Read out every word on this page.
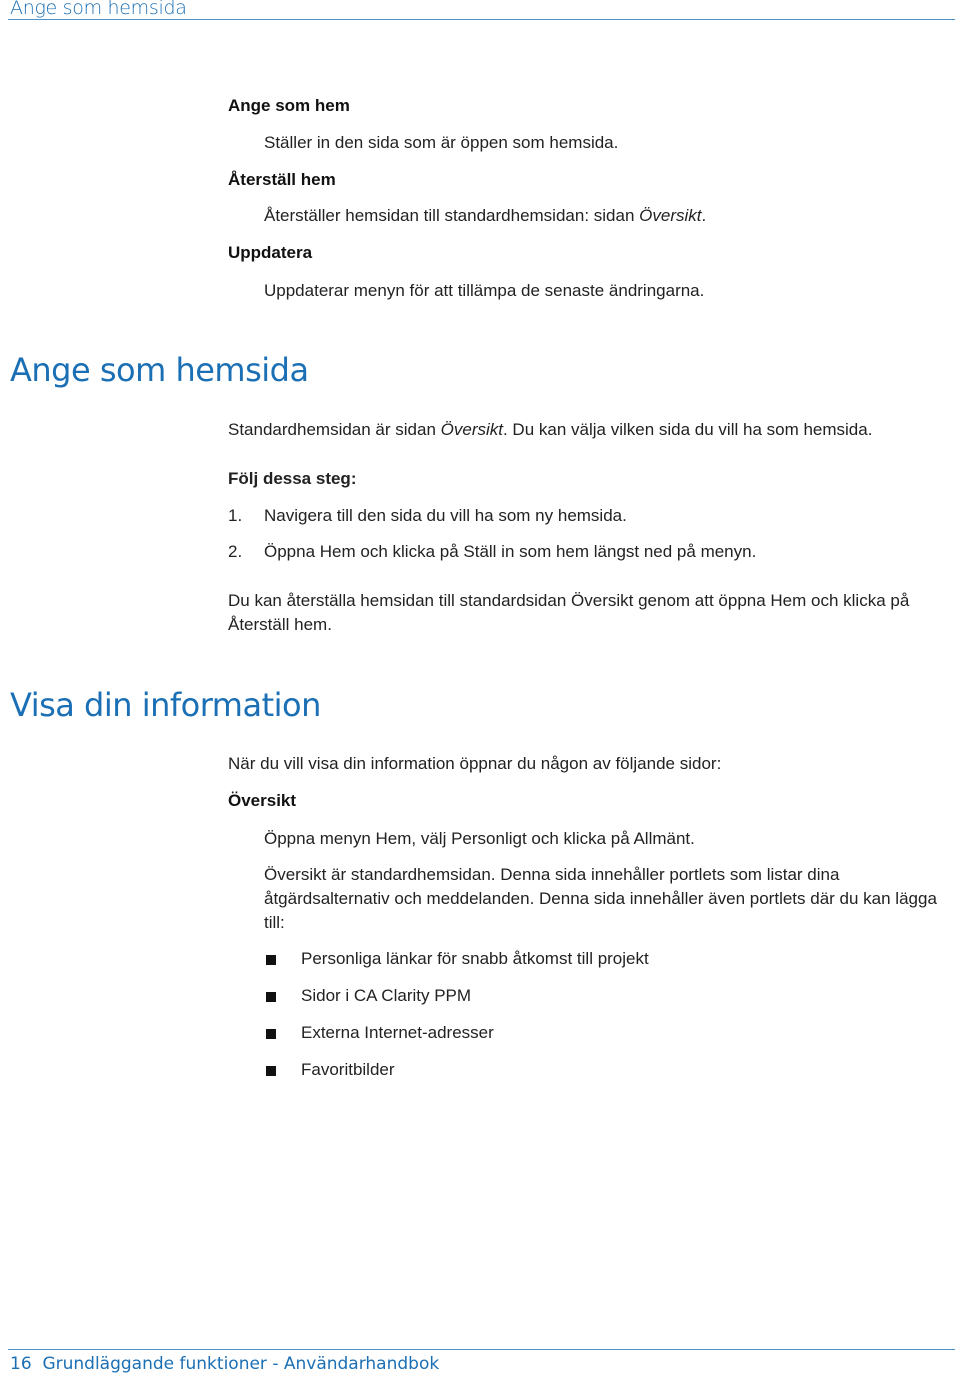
Ange som hemsida
Ange som hem
Ställer in den sida som är öppen som hemsida.
Återställ hem
Återställer hemsidan till standardhemsidan: sidan Översikt.
Uppdatera
Uppdaterar menyn för att tillämpa de senaste ändringarna.
Ange som hemsida
Standardhemsidan är sidan Översikt. Du kan välja vilken sida du vill ha som hemsida.
Följ dessa steg:
1. Navigera till den sida du vill ha som ny hemsida.
2. Öppna Hem och klicka på Ställ in som hem längst ned på menyn.
Du kan återställa hemsidan till standardsidan Översikt genom att öppna Hem och klicka på Återställ hem.
Visa din information
När du vill visa din information öppnar du någon av följande sidor:
Översikt
Öppna menyn Hem, välj Personligt och klicka på Allmänt.
Översikt är standardhemsidan. Denna sida innehåller portlets som listar dina åtgärdsalternativ och meddelanden. Denna sida innehåller även portlets där du kan lägga till:
Personliga länkar för snabb åtkomst till projekt
Sidor i CA Clarity PPM
Externa Internet-adresser
Favoritbilder
16 Grundläggande funktioner - Användarhandbok
